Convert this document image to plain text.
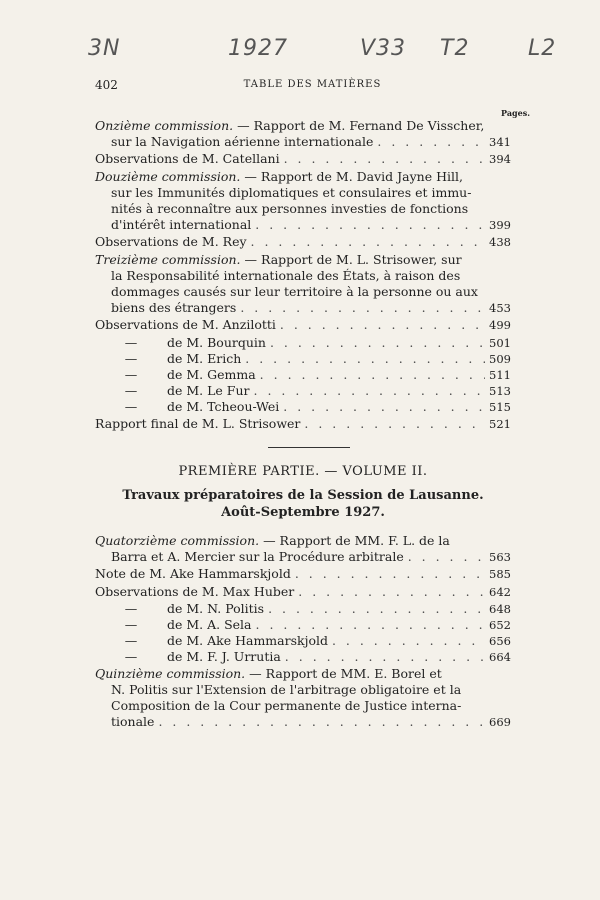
3N	1927	V33 T2	L2
402	TABLE DES MATIÈRES
Pages.
Onzième commission. — Rapport de M. Fernand De Visscher,
sur la Navigation aérienne internationale . . .	341
Observations de M. Catellani . . .	394
Douzième commission. — Rapport de M. David Jayne Hill,
sur les Immunités diplomatiques et consulaires et immu-
nités à reconnaître aux personnes investies de fonctions
d'intérêt international . . .	399
Observations de M. Rey . . .	438
Treizième commission. — Rapport de M. L. Strisower, sur
la Responsabilité internationale des États, à raison des
dommages causés sur leur territoire à la personne ou aux
biens des étrangers . . .	453
Observations de M. Anzilotti . . .	499
—	de M. Bourquin . . .	501
—	de M. Erich . . .	509
—	de M. Gemma . . .	511
—	de M. Le Fur . . .	513
—	de M. Tcheou-Wei . . .	515
Rapport final de M. L. Strisower . . .	521
PREMIÈRE PARTIE. — VOLUME II.
Travaux préparatoires de la Session de Lausanne.
Août-Septembre 1927.
Quatorzième commission. — Rapport de MM. F. L. de la
Barra et A. Mercier sur la Procédure arbitrale . . .	563
Note de M. Ake Hammarskjold . . .	585
Observations de M. Max Huber . . .	642
—	de M. N. Politis . . .	648
—	de M. A. Sela . . .	652
—	de M. Ake Hammarskjold . . .	656
—	de M. F. J. Urrutia . . .	664
Quinzième commission. — Rapport de MM. E. Borel et
N. Politis sur l'Extension de l'arbitrage obligatoire et la
Composition de la Cour permanente de Justice interna-
tionale . . .	669
